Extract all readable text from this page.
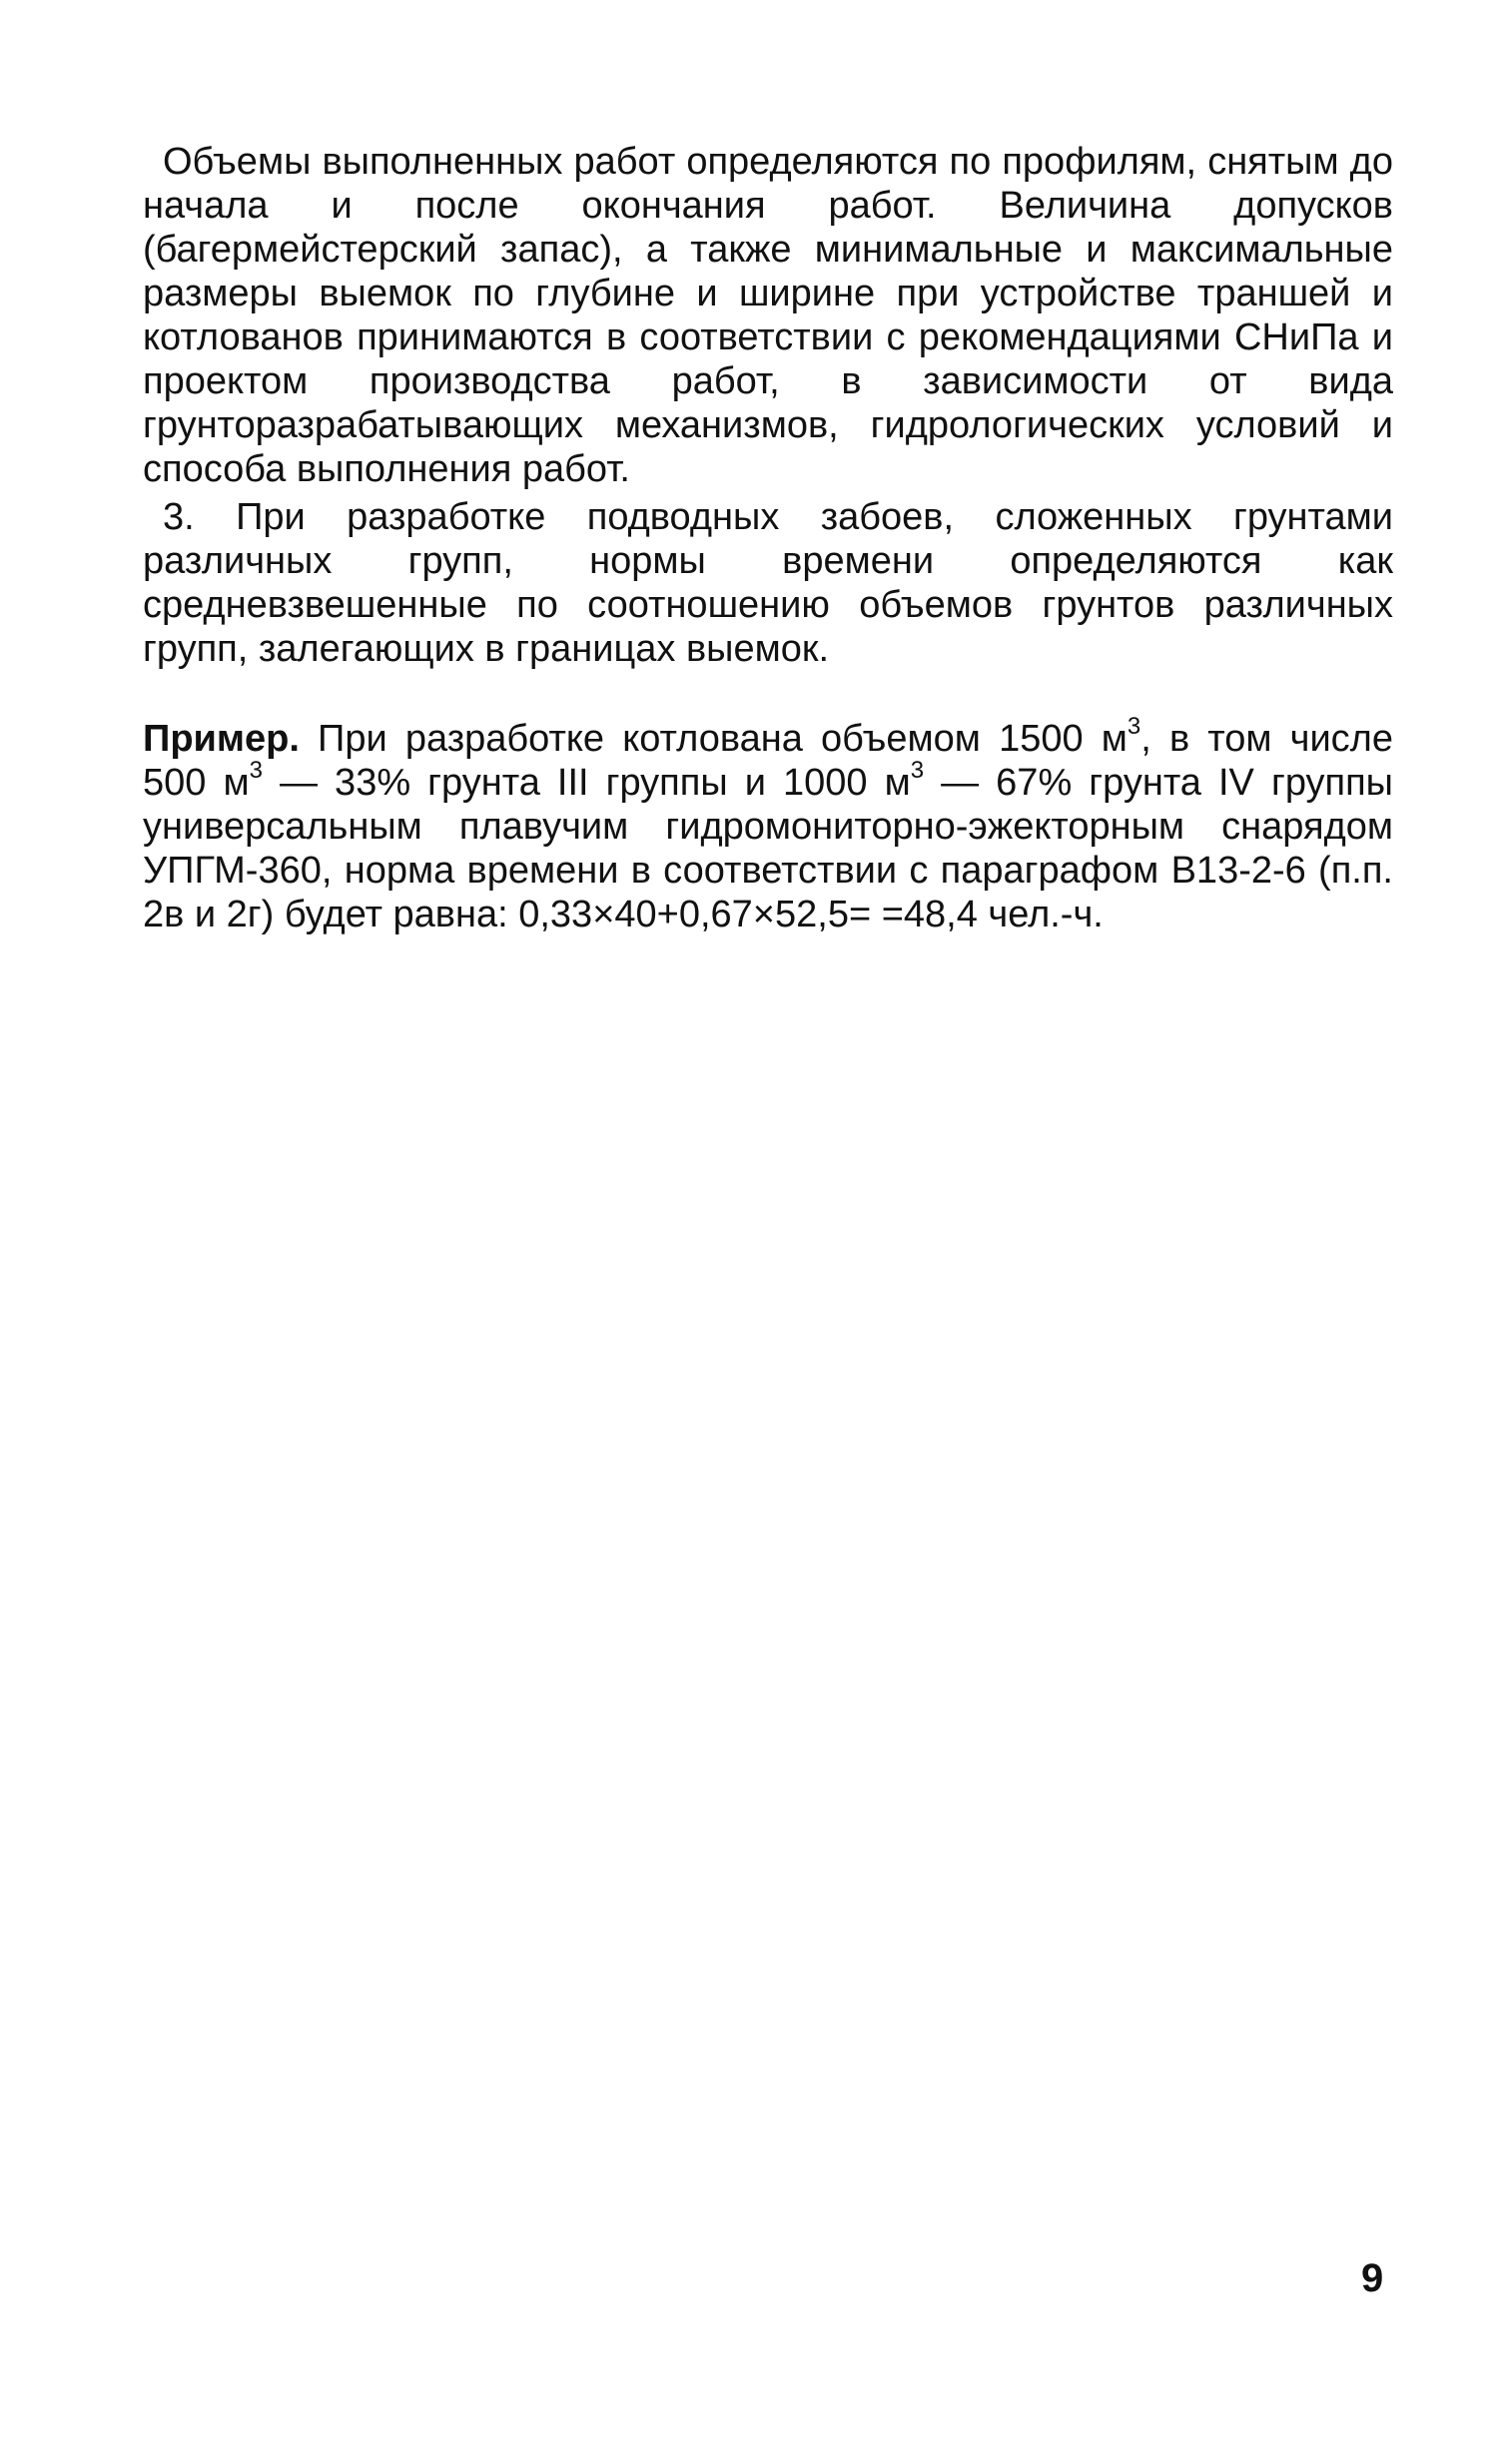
Объемы выполненных работ определяются по профилям, снятым до начала и после окончания работ. Величина допусков (багермейстерский запас), а также минимальные и максимальные размеры выемок по глубине и ширине при устройстве траншей и котлованов принимаются в соответствии с рекомендациями СНиПа и проектом производства работ, в зависимости от вида грунторазрабатывающих механизмов, гидрологических условий и способа выполнения работ.

3. При разработке подводных забоев, сложенных грунтами различных групп, нормы времени определяются как средневзвешенные по соотношению объемов грунтов различных групп, залегающих в границах выемок.

Пример. При разработке котлована объемом 1500 $м^3$, в том числе 500 $м^3$ — 33% грунта III группы и 1000 $м^3$ — 67% грунта IV группы универсальным плавучим гидромониторно-эжекторным снарядом УПГМ-360, норма времени в соответствии с параграфом В13-2-6 (п.п. 2в и 2г) будет равна: 0,33×40+0,67×52,5= =48,4 чел.-ч.

9
